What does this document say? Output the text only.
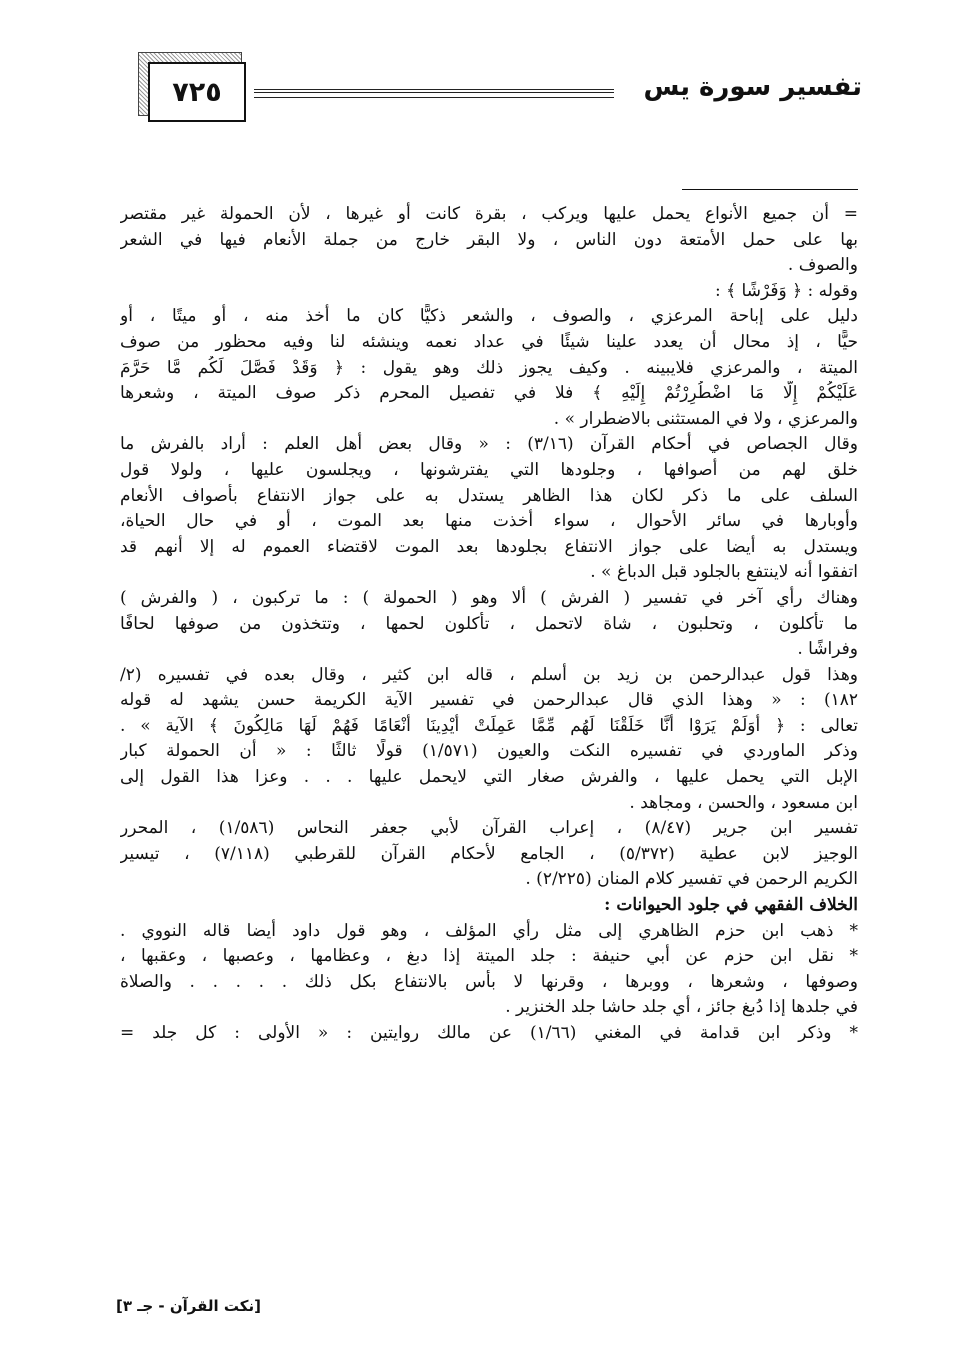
٧٢٥	تفسير سورة يس
= أن جميع الأنواع يحمل عليها ويركب ، بقرة كانت أو غيرها ، لأن الحمولة غير مقتصر
بها على حمل الأمتعة دون الناس ، ولا البقر خارج من جملة الأنعام فيها في الشعر
والصوف .
وقوله : ﴿ وَفَرْشًا ﴾ :
دليل على إباحة المرعزي ، والصوف ، والشعر ذكيًّا كان ما أخذ منه ، أو ميتًا ، أو
حيًّا ، إذ محال أن يعدد علينا شيئًا في عداد نعمه وينشئه لنا وفيه محظور من صوف
الميتة ، والمرعزي فلايبينه . وكيف يجوز ذلك وهو يقول : ﴿ وَقَدْ فَصَّلَ لَكُم مَّا حَرَّمَ
عَلَيْكُمْ إِلَّا مَا اضْطُرِرْتُمْ إِلَيْهِ ﴾ فلا في تفصيل المحرم ذكر صوف الميتة ، وشعرها
والمرعزي ، ولا في المستثنى بالاضطرار » .
وقال الجصاص في أحكام القرآن (٣/١٦) : « وقال بعض أهل العلم : أراد بالفرش ما
خلق لهم من أصوافها ، وجلودها التي يفترشونها ، ويجلسون عليها ، ولولا قول
السلف على ما ذكر لكان هذا الظاهر يستدل به على جواز الانتفاع بأصواف الأنعام
وأوبارها في سائر الأحوال ، سواء أخذت منها بعد الموت ، أو في حال الحياة،
ويستدل به أيضا على جواز الانتفاع بجلودها بعد الموت لاقتضاء العموم له إلا أنهم قد
اتفقوا أنه لاينتفع بالجلود قبل الدباغ » .
وهناك رأي آخر في تفسير ( الفرش ) ألا وهو ( الحمولة ) : ما تركبون ، ( والفرش )
ما تأكلون ، وتحلبون ، شاة لاتحمل ، تأكلون لحمها ، وتتخذون من صوفها لحافًا
وفراشًا .
وهذا قول عبدالرحمن بن زيد بن أسلم ، قاله ابن كثير ، وقال بعده في تفسيره (٢/
١٨٢) : « وهذا الذي قال عبدالرحمن في تفسير الآية الكريمة حسن يشهد له قوله
تعالى : ﴿ أَوَلَمْ يَرَوْا أَنَّا خَلَقْنَا لَهُم مِّمَّا عَمِلَتْ أَيْدِينَا أَنْعَامًا فَهُمْ لَهَا مَالِكُونَ ﴾ الآية » .
وذكر الماوردي في تفسيره النكت والعيون (١/٥٧١) قولًا ثالثًا : « أن الحمولة كبار
الإبل التي يحمل عليها ، والفرش صغار التي لايحمل عليها . . . وعزا هذا القول إلى
ابن مسعود ، والحسن ، ومجاهد .
تفسير ابن جرير (٨/٤٧) ، إعراب القرآن لأبي جعفر النحاس (١/٥٨٦) ، المحرر
الوجيز لابن عطية (٥/٣٧٢) ، الجامع لأحكام القرآن للقرطبي (٧/١١٨) ، تيسير
الكريم الرحمن في تفسير كلام المنان (٢/٢٢٥) .
الخلاف الفقهي في جلود الحيوانات :
* ذهب ابن حزم الظاهري إلى مثل رأي المؤلف ، وهو قول داود أيضا قاله النووي .
* نقل ابن حزم عن أبي حنيفة : جلد الميتة إذا دبغ ، وعظامها ، وعصبها ، وعقبها ،
وصوفها ، وشعرها ، ووبرها ، وقرنها لا بأس بالانتفاع بكل ذلك . . . . . والصلاة
في جلدها إذا دُبغ جائز ، أي جلد حاشا جلد الخنزير .
* وذكر ابن قدامة في المغني (١/٦٦) عن مالك روايتين : « الأولى : كل جلد =
[نكت القرآن - جـ ٣]
